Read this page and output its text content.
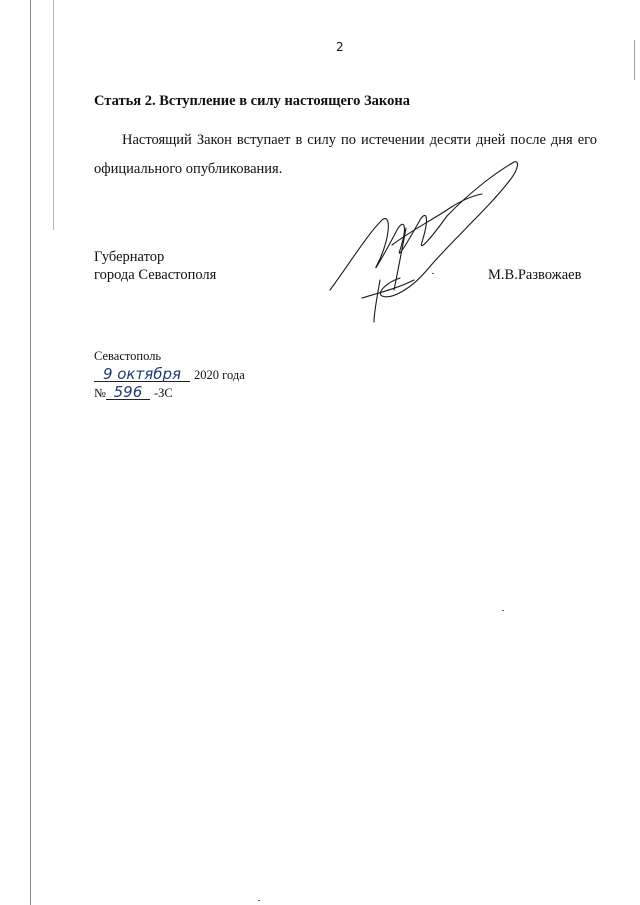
2
Статья 2. Вступление в силу настоящего Закона

Настоящий Закон вступает в силу по истечении десяти дней после дня его официального опубликования.

Губернатор
города Севастополя	М.В.Развожаев
Севастополь
9 октября 2020 года
№ 596 -ЗС
